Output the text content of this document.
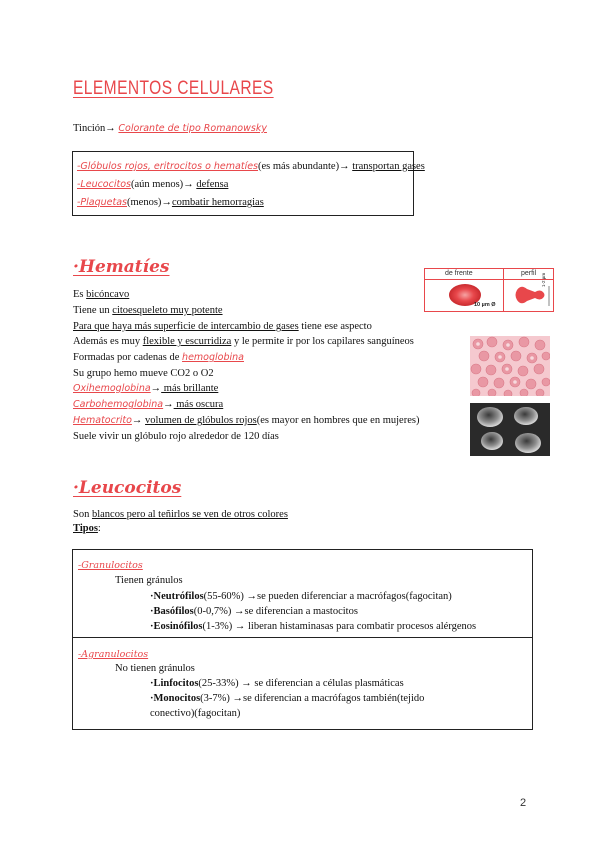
ELEMENTOS CELULARES
Tinción→ Colorante de tipo Romanowsky
-Glóbulos rojos, eritrocitos o hematíes(es más abundante)→ transportan gases
-Leucocitos(aún menos)→ defensa
-Plaquetas(menos)→combatir hemorragias
·Hematíes
Es bicóncavo
Tiene un citoesqueleto muy potente
Para que haya más superficie de intercambio de gases tiene ese aspecto
Además es muy flexible y escurridiza y le permite ir por los capilares sanguíneos
Formadas por cadenas de hemoglobina
Su grupo hemo mueve CO2 o O2
Oxihemoglobina→ más brillante
Carbohemoglobina→ más oscura
Hematocrito→ volumen de glóbulos rojos(es mayor en hombres que en mujeres)
Suele vivir un glóbulo rojo alrededor de 120 días
de frente	perfil
10 µm Ø
1-2 µm
·Leucocitos
Son blancos pero al teñirlos se ven de otros colores
Tipos:
-Granulocitos
Tienen gránulos
·Neutrófilos(55-60%) →se pueden diferenciar a macrófagos(fagocitan)
·Basófilos(0-0,7%) →se diferencian a mastocitos
·Eosinófilos(1-3%) → liberan histaminasas para combatir procesos alérgenos
-Agranulocitos
No tienen gránulos
·Linfocitos(25-33%) → se diferencian a células plasmáticas
·Monocitos(3-7%) →se diferencian a macrófagos también(tejido
conectivo)(fagocitan)
2
